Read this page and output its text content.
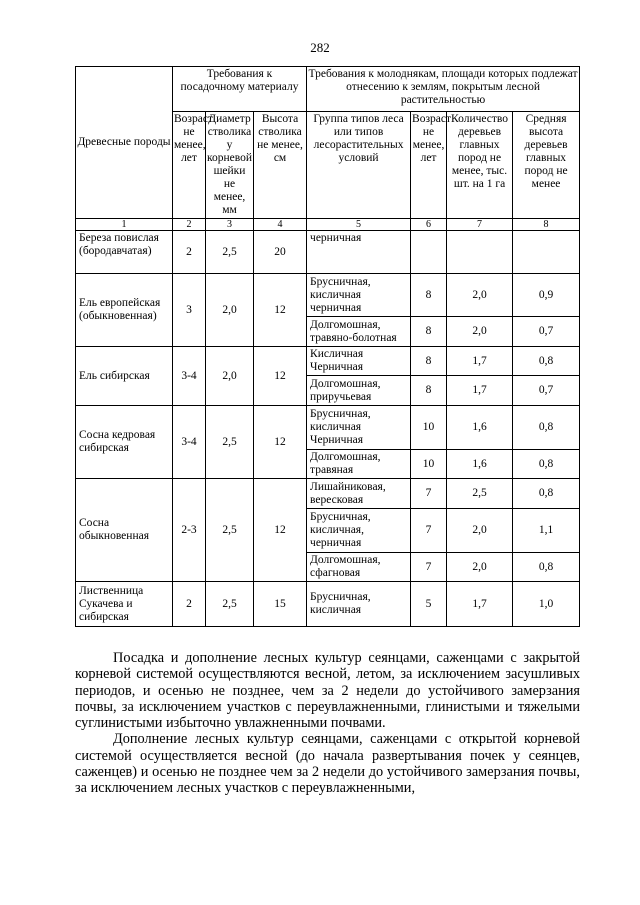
282
Древесные породы	Требования к посадочному материалу			Требования к молоднякам, площади которых подлежат отнесению к землям, покрытым лесной растительностью			
	Возраст не менее, лет	Диаметр стволика у корневой шейки не менее, мм	Высота стволика не менее, см	Группа типов леса или типов лесорастительных условий	Возраст не менее, лет	Количество деревьев главных пород не менее, тыс. шт. на 1 га	Средняя высота деревьев главных пород не менее
1	2	3	4	5	6	7	8
Береза повислая (бородавчатая)	2	2,5	20	черничная			
Ель европейская (обыкновенная)	3	2,0	12	Брусничная, кисличная черничная	8	2,0	0,9
				Долгомошная, травяно-болотная	8	2,0	0,7
Ель сибирская	3-4	2,0	12	Кисличная Черничная	8	1,7	0,8
				Долгомошная, приручьевая	8	1,7	0,7
Сосна кедровая сибирская	3-4	2,5	12	Брусничная, кисличная Черничная	10	1,6	0,8
				Долгомошная, травяная	10	1,6	0,8
Сосна обыкновенная	2-3	2,5	12	Лишайниковая, вересковая	7	2,5	0,8
				Брусничная, кисличная, черничная	7	2,0	1,1
				Долгомошная, сфагновая	7	2,0	0,8
Лиственница Сукачева и сибирская	2	2,5	15	Брусничная, кисличная	5	1,7	1,0

Посадка и дополнение лесных культур сеянцами, саженцами с закрытой корневой системой осуществляются весной, летом, за исключением засушливых периодов, и осенью не позднее, чем за 2 недели до устойчивого замерзания почвы, за исключением участков с переувлажненными, глинистыми и тяжелыми суглинистыми избыточно увлажненными почвами.

Дополнение лесных культур сеянцами, саженцами с открытой корневой системой осуществляется весной (до начала развертывания почек у сеянцев, саженцев) и осенью не позднее чем за 2 недели до устойчивого замерзания почвы, за исключением лесных участков с переувлажненными,
